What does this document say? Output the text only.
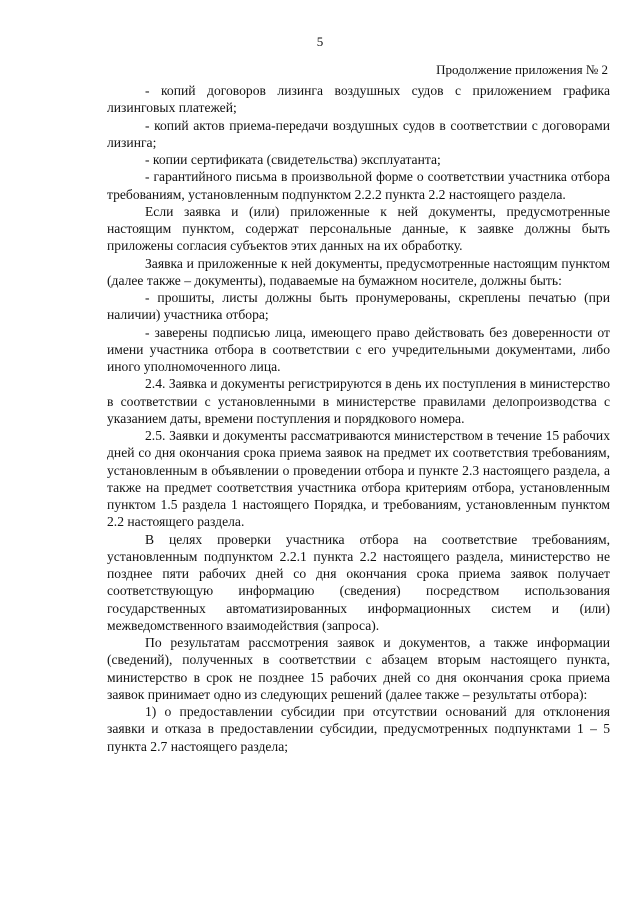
5
Продолжение приложения № 2

- копий договоров лизинга воздушных судов с приложением графика лизинговых платежей;

- копий актов приема-передачи воздушных судов в соответствии с договорами лизинга;

- копии сертификата (свидетельства) эксплуатанта;

- гарантийного письма в произвольной форме о соответствии участника отбора требованиям, установленным подпунктом 2.2.2 пункта 2.2 настоящего раздела.

Если заявка и (или) приложенные к ней документы, предусмотренные настоящим пунктом, содержат персональные данные, к заявке должны быть приложены согласия субъектов этих данных на их обработку.

Заявка и приложенные к ней документы, предусмотренные настоящим пунктом (далее также – документы), подаваемые на бумажном носителе, должны быть:

- прошиты, листы должны быть пронумерованы, скреплены печатью (при наличии) участника отбора;

- заверены подписью лица, имеющего право действовать без доверенности от имени участника отбора в соответствии с его учредительными документами, либо иного уполномоченного лица.

2.4. Заявка и документы регистрируются в день их поступления в министерство в соответствии с установленными в министерстве правилами делопроизводства с указанием даты, времени поступления и порядкового номера.

2.5. Заявки и документы рассматриваются министерством в течение 15 рабочих дней со дня окончания срока приема заявок на предмет их соответствия требованиям, установленным в объявлении о проведении отбора и пункте 2.3 настоящего раздела, а также на предмет соответствия участника отбора критериям отбора, установленным пунктом 1.5 раздела 1 настоящего Порядка, и требованиям, установленным пунктом 2.2 настоящего раздела.

В целях проверки участника отбора на соответствие требованиям, установленным подпунктом 2.2.1 пункта 2.2 настоящего раздела, министерство не позднее пяти рабочих дней со дня окончания срока приема заявок получает соответствующую информацию (сведения) посредством использования государственных автоматизированных информационных систем и (или) межведомственного взаимодействия (запроса).

По результатам рассмотрения заявок и документов, а также информации (сведений), полученных в соответствии с абзацем вторым настоящего пункта, министерство в срок не позднее 15 рабочих дней со дня окончания срока приема заявок принимает одно из следующих решений (далее также – результаты отбора):

1) о предоставлении субсидии при отсутствии оснований для отклонения заявки и отказа в предоставлении субсидии, предусмотренных подпунктами 1 – 5 пункта 2.7 настоящего раздела;
